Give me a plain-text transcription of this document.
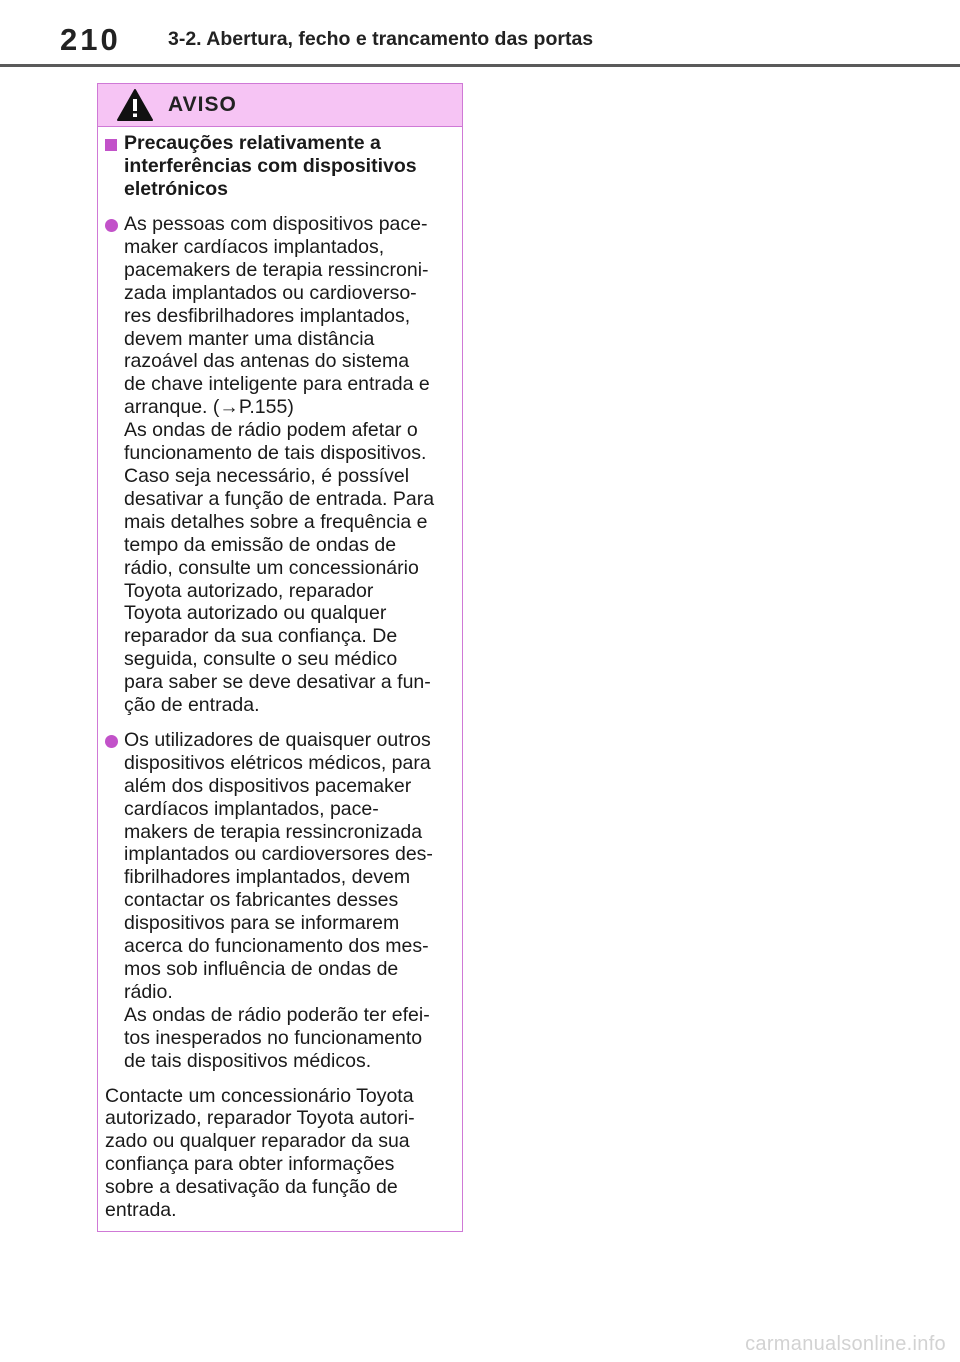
210 3-2. Abertura, fecho e trancamento das portas
AVISO
Precauções relativamente a
interferências com dispositivos
eletrónicos
As pessoas com dispositivos pace-
maker cardíacos implantados,
pacemakers de terapia ressincroni-
zada implantados ou cardioverso-
res desfibrilhadores implantados,
devem manter uma distância
razoável das antenas do sistema
de chave inteligente para entrada e
arranque. (→P.155)
As ondas de rádio podem afetar o
funcionamento de tais dispositivos.
Caso seja necessário, é possível
desativar a função de entrada. Para
mais detalhes sobre a frequência e
tempo da emissão de ondas de
rádio, consulte um concessionário
Toyota autorizado, reparador
Toyota autorizado ou qualquer
reparador da sua confiança. De
seguida, consulte o seu médico
para saber se deve desativar a fun-
ção de entrada.
Os utilizadores de quaisquer outros
dispositivos elétricos médicos, para
além dos dispositivos pacemaker
cardíacos implantados, pace-
makers de terapia ressincronizada
implantados ou cardioversores des-
fibrilhadores implantados, devem
contactar os fabricantes desses
dispositivos para se informarem
acerca do funcionamento dos mes-
mos sob influência de ondas de
rádio.
As ondas de rádio poderão ter efei-
tos inesperados no funcionamento
de tais dispositivos médicos.
Contacte um concessionário Toyota
autorizado, reparador Toyota autori-
zado ou qualquer reparador da sua
confiança para obter informações
sobre a desativação da função de
entrada.
carmanualsonline.info
